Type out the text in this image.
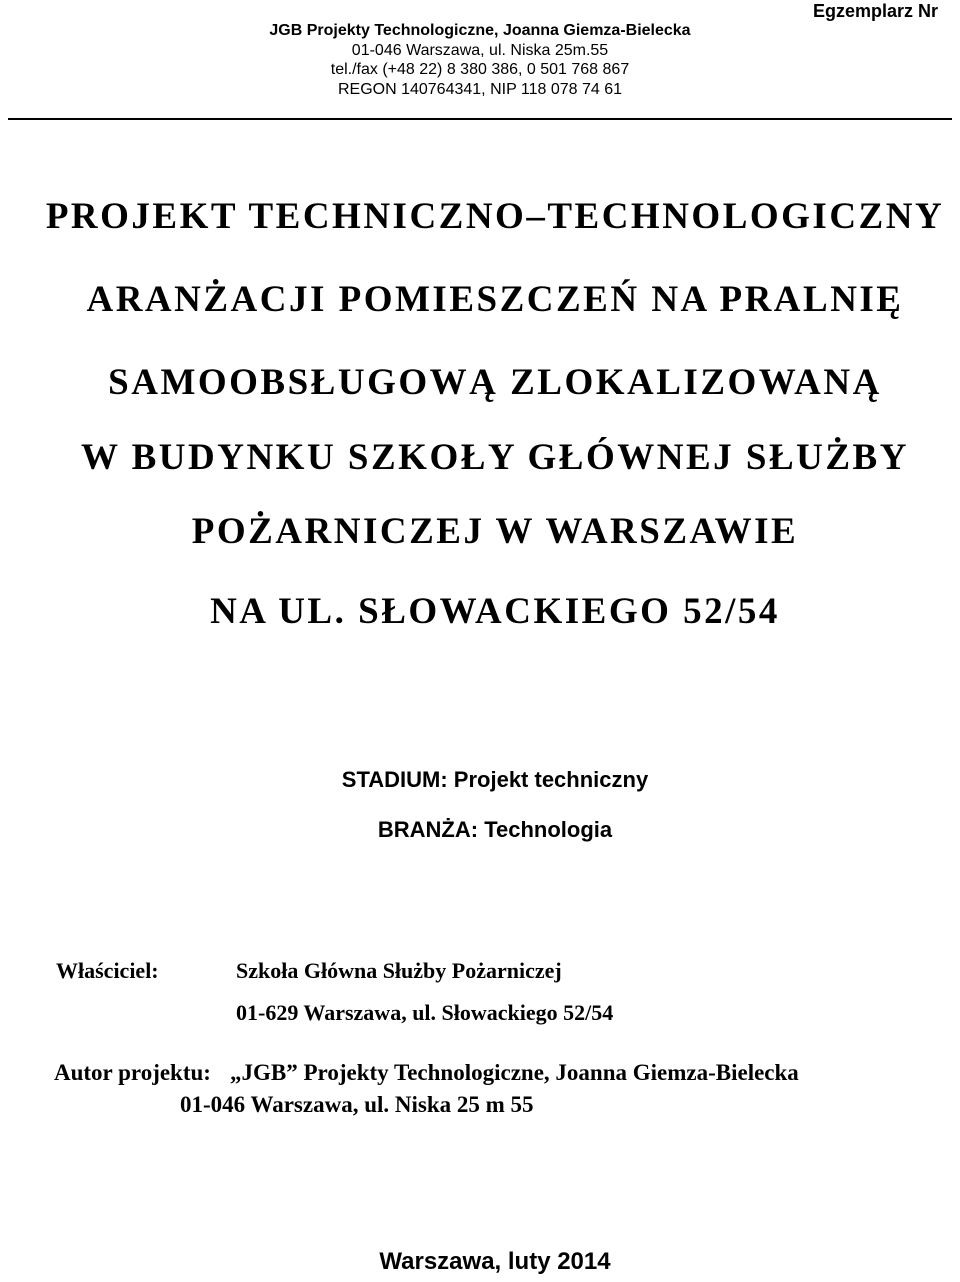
Egzemplarz Nr
JGB Projekty Technologiczne, Joanna Giemza-Bielecka
01-046 Warszawa, ul. Niska 25m.55
tel./fax (+48 22) 8 380 386, 0 501 768 867
REGON 140764341, NIP 118 078 74 61
PROJEKT TECHNICZNO–TECHNOLOGICZNY
ARANŻACJI POMIESZCZEŃ NA PRALNIĘ
SAMOOBSŁUGOWĄ ZLOKALIZOWANĄ
W BUDYNKU SZKOŁY GŁÓWNEJ SŁUŻBY
POŻARNICZEJ W WARSZAWIE
NA UL. SŁOWACKIEGO 52/54
STADIUM: Projekt techniczny
BRANŻA: Technologia
Właściciel:	Szkoła Główna Służby Pożarniczej
01-629 Warszawa, ul. Słowackiego 52/54
Autor projektu: „JGB” Projekty Technologiczne, Joanna Giemza-Bielecka
01-046 Warszawa, ul. Niska 25 m 55
Warszawa, luty 2014
